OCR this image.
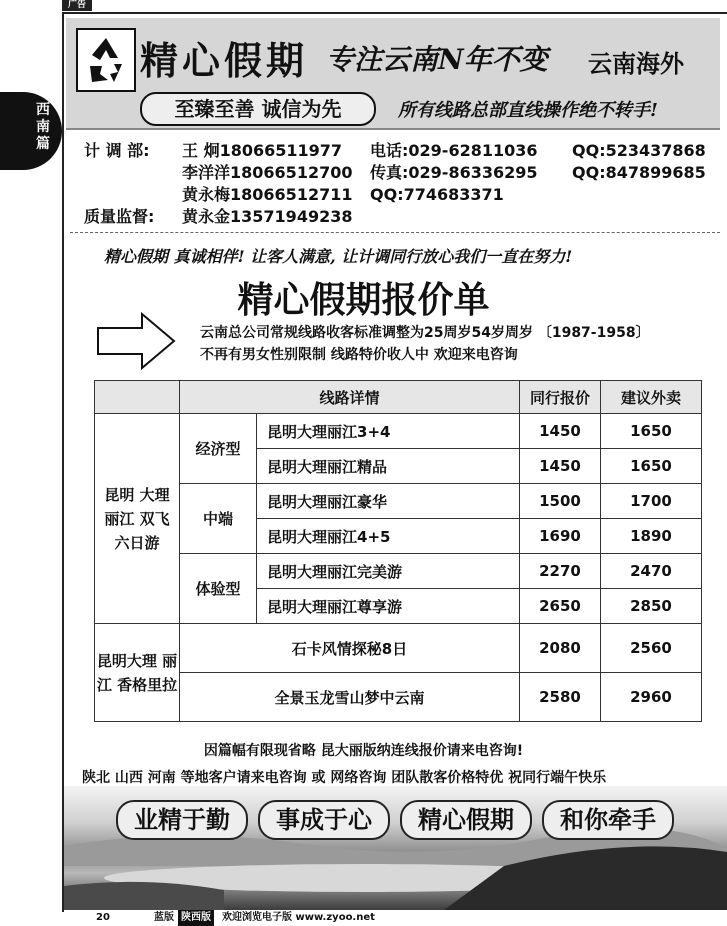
广告
西南篇
精心假期 专注云南N年不变 云南海外
至臻至善 诚信为先	所有线路总部直线操作绝不转手!
计 调 部: 王 炯18066511977 电话:029-62811036 QQ:523437868
李洋洋18066512700 传真:029-86336295 QQ:847899685
黄永梅18066512711 QQ:774683371
质量监督: 黄永金13571949238
精心假期 真诚相伴! 让客人满意, 让计调同行放心我们一直在努力!
精心假期报价单
云南总公司常规线路收客标准调整为25周岁54岁周岁 〔1987-1958〕
不再有男女性别限制 线路特价收人中 欢迎来电咨询
	线路详情		同行报价	建议外卖
昆明 大理 丽江 双飞 六日游	经济型	昆明大理丽江3+4	1450	1650
		昆明大理丽江精品	1450	1650
	中端	昆明大理丽江豪华	1500	1700
		昆明大理丽江4+5	1690	1890
	体验型	昆明大理丽江完美游	2270	2470
		昆明大理丽江尊享游	2650	2850
昆明大理 丽江 香格里拉	石卡风情探秘8日		2080	2560
	全景玉龙雪山梦中云南		2580	2960
因篇幅有限现省略 昆大丽版纳连线报价请来电咨询!
陕北 山西 河南 等地客户请来电咨询 或 网络咨询 团队散客价格特优 祝同行端午快乐
业精于勤	事成于心	精心假期	和你牵手
20	蓝版 陕西版	欢迎浏览电子版 www.zyoo.net
